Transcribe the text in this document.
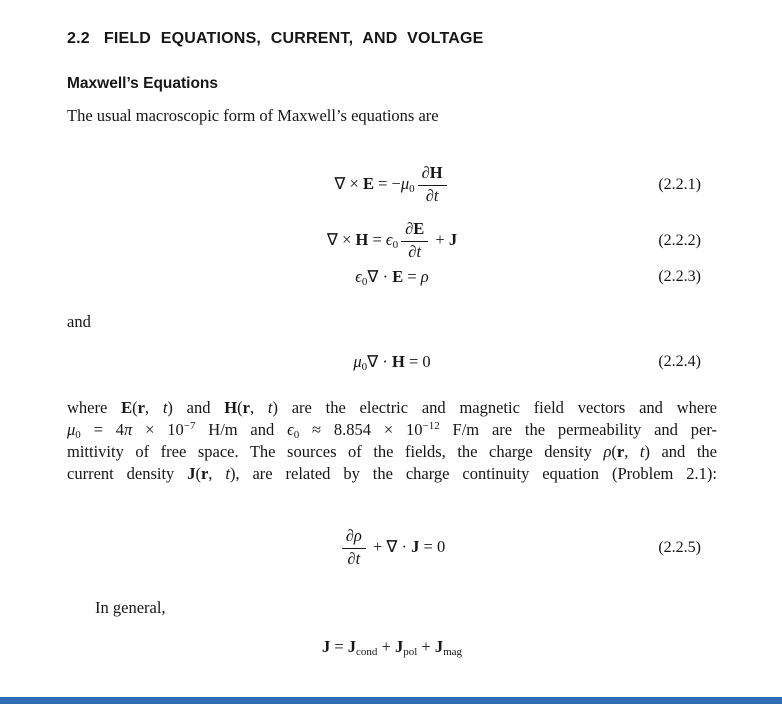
2.2 FIELD EQUATIONS, CURRENT, AND VOLTAGE
Maxwell’s Equations
The usual macroscopic form of Maxwell’s equations are
∇ × $E = -\mu 0 \frac{\partial H}{\partial t}$	(2.2.1)
∇ × $H = \epsilon 0 \frac{\partial E}{\partial t} + J$	(2.2.2)
ϵ0∇ · E = ρ	(2.2.3)
and
μ0∇ · H = 0	(2.2.4)
where E(r, t) and H(r, t) are the electric and magnetic field vectors and where
$\mu 0 = 4\pi \times 10^{-7}$ H/m and $\epsilon 0 \approx 8.854 \times 10^{-12}$ F/m are the permeability and per-
mittivity of free space. The sources of the fields, the charge density ρ(r, t) and the
current density J(r, t), are related by the charge continuity equation (Problem 2.1):
$\frac{\partial\rho}{\partial t}$ + ∇ · J = 0	(2.2.5)
In general,
J = Jcond + Jpol + Jmag
